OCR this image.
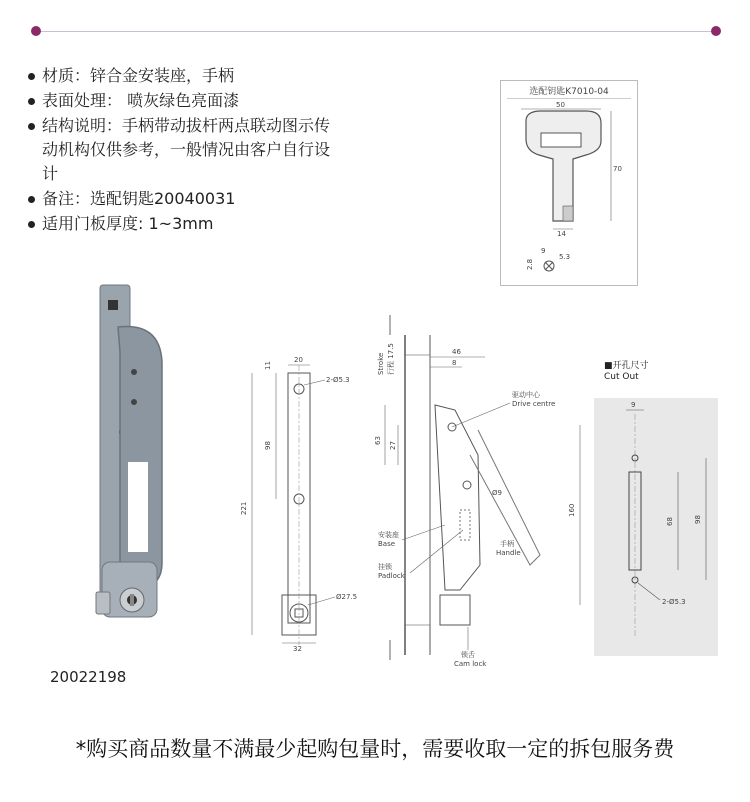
材质：锌合金安装座，手柄
表面处理： 喷灰绿色亮面漆
结构说明：手柄带动拔杆两点联动图示传动机构仅供参考，一般情况由客户自行设计
备注：选配钥匙20040031
适用门板厚度: 1~3mm
选配钥匙K7010-04
50
70
14
9
2.8
5.3
20022198
20
11
98
221
32
2-Ø5.3
Ø27.5
Stroke 行程 17.5	46
8
63
27
160
Ø9
驱动中心
Drive centre
安装座
Base
挂锁
Padlock
手柄
Handle
锁舌
Cam lock
■开孔尺寸
Cut Out
9
68	98
2-Ø5.3
*购买商品数量不满最少起购包量时，需要收取一定的拆包服务费
